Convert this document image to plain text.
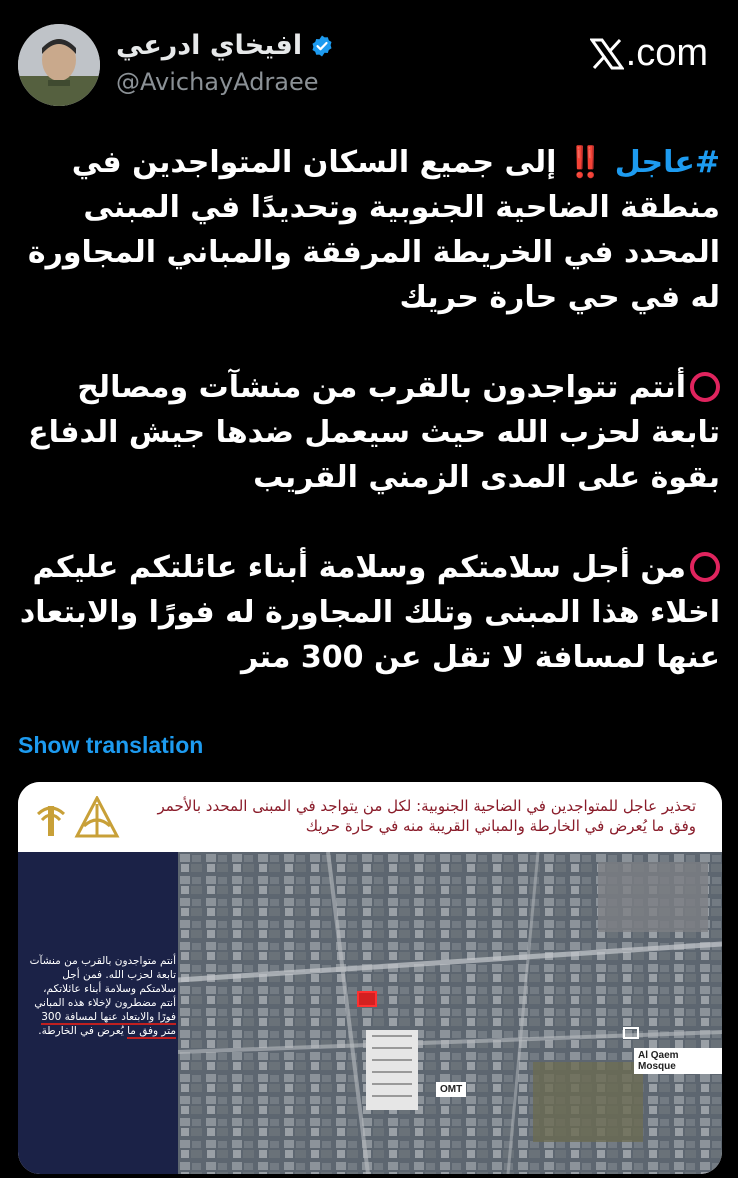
افيخاي ادرعي
@AvichayAdraee
.com

#عاجل ‼️ إلى جميع السكان المتواجدين في منطقة الضاحية الجنوبية وتحديدًا في المبنى المحدد في الخريطة المرفقة والمباني المجاورة له في حي حارة حريك

أنتم تتواجدون بالقرب من منشآت ومصالح تابعة لحزب الله حيث سيعمل ضدها جيش الدفاع بقوة على المدى الزمني القريب

من أجل سلامتكم وسلامة أبناء عائلتكم عليكم اخلاء هذا المبنى وتلك المجاورة له فورًا والابتعاد عنها لمسافة لا تقل عن 300 متر

Show translation
تحذير عاجل للمتواجدين في الضاحية الجنوبية: لكل من يتواجد في المبنى المحدد بالأحمر وفق ما يُعرض في الخارطة والمباني القريبة منه في حارة حريك
أنتم متواجدون بالقرب من منشآت تابعة لحزب الله. فمن أجل سلامتكم وسلامة أبناء عائلاتكم، أنتم مضطرون لإخلاء هذه المباني فورًا والابتعاد عنها لمسافة 300 متر وفق ما يُعرض في الخارطة.
OMT
Al Qaem Mosque
